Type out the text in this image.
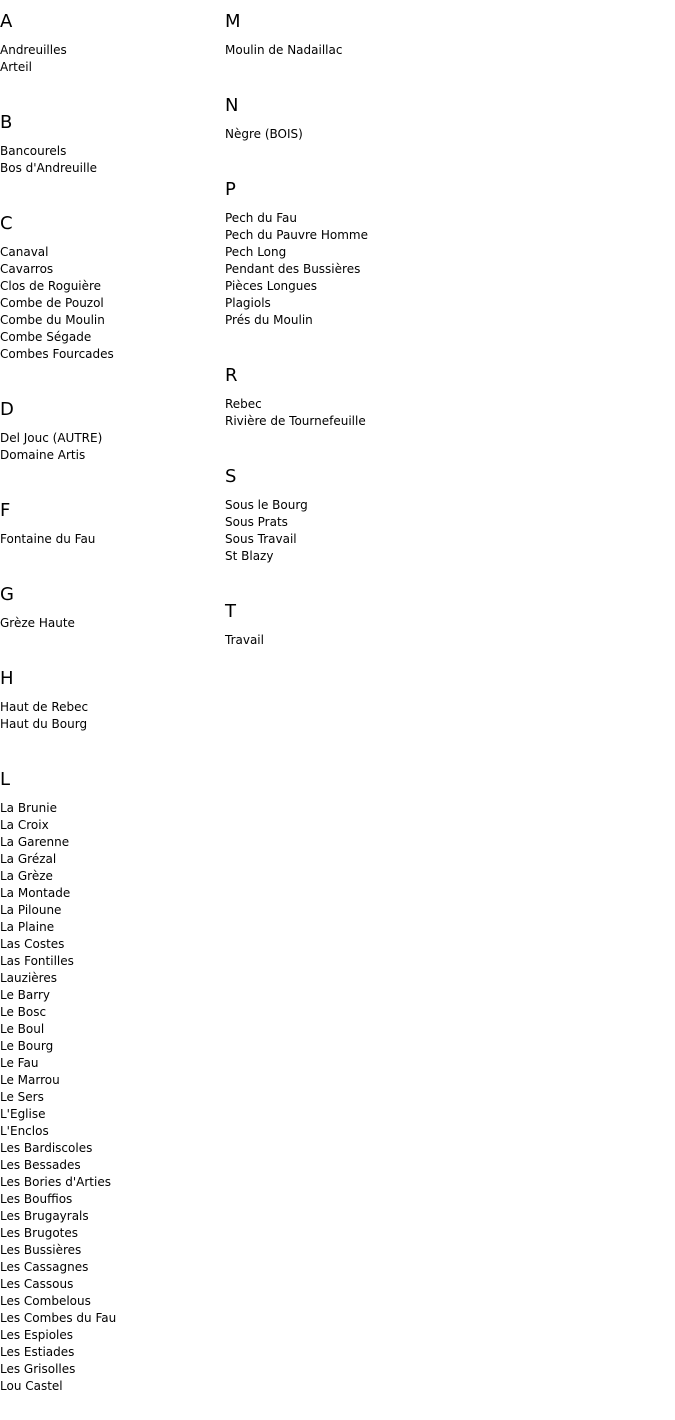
A
Andreuilles
Arteil
B
Bancourels
Bos d'Andreuille
C
Canaval
Cavarros
Clos de Roguière
Combe de Pouzol
Combe du Moulin
Combe Ségade
Combes Fourcades
D
Del Jouc (AUTRE)
Domaine Artis
F
Fontaine du Fau
G
Grèze Haute
H
Haut de Rebec
Haut du Bourg
L
La Brunie
La Croix
La Garenne
La Grézal
La Grèze
La Montade
La Piloune
La Plaine
Las Costes
Las Fontilles
Lauzières
Le Barry
Le Bosc
Le Boul
Le Bourg
Le Fau
Le Marrou
Le Sers
L'Eglise
L'Enclos
Les Bardiscoles
Les Bessades
Les Bories d'Arties
Les Bouffios
Les Brugayrals
Les Brugotes
Les Bussières
Les Cassagnes
Les Cassous
Les Combelous
Les Combes du Fau
Les Espioles
Les Estiades
Les Grisolles
Lou Castel
M
Moulin de Nadaillac
N
Nègre (BOIS)
P
Pech du Fau
Pech du Pauvre Homme
Pech Long
Pendant des Bussières
Pièces Longues
Plagiols
Prés du Moulin
R
Rebec
Rivière de Tournefeuille
S
Sous le Bourg
Sous Prats
Sous Travail
St Blazy
T
Travail
